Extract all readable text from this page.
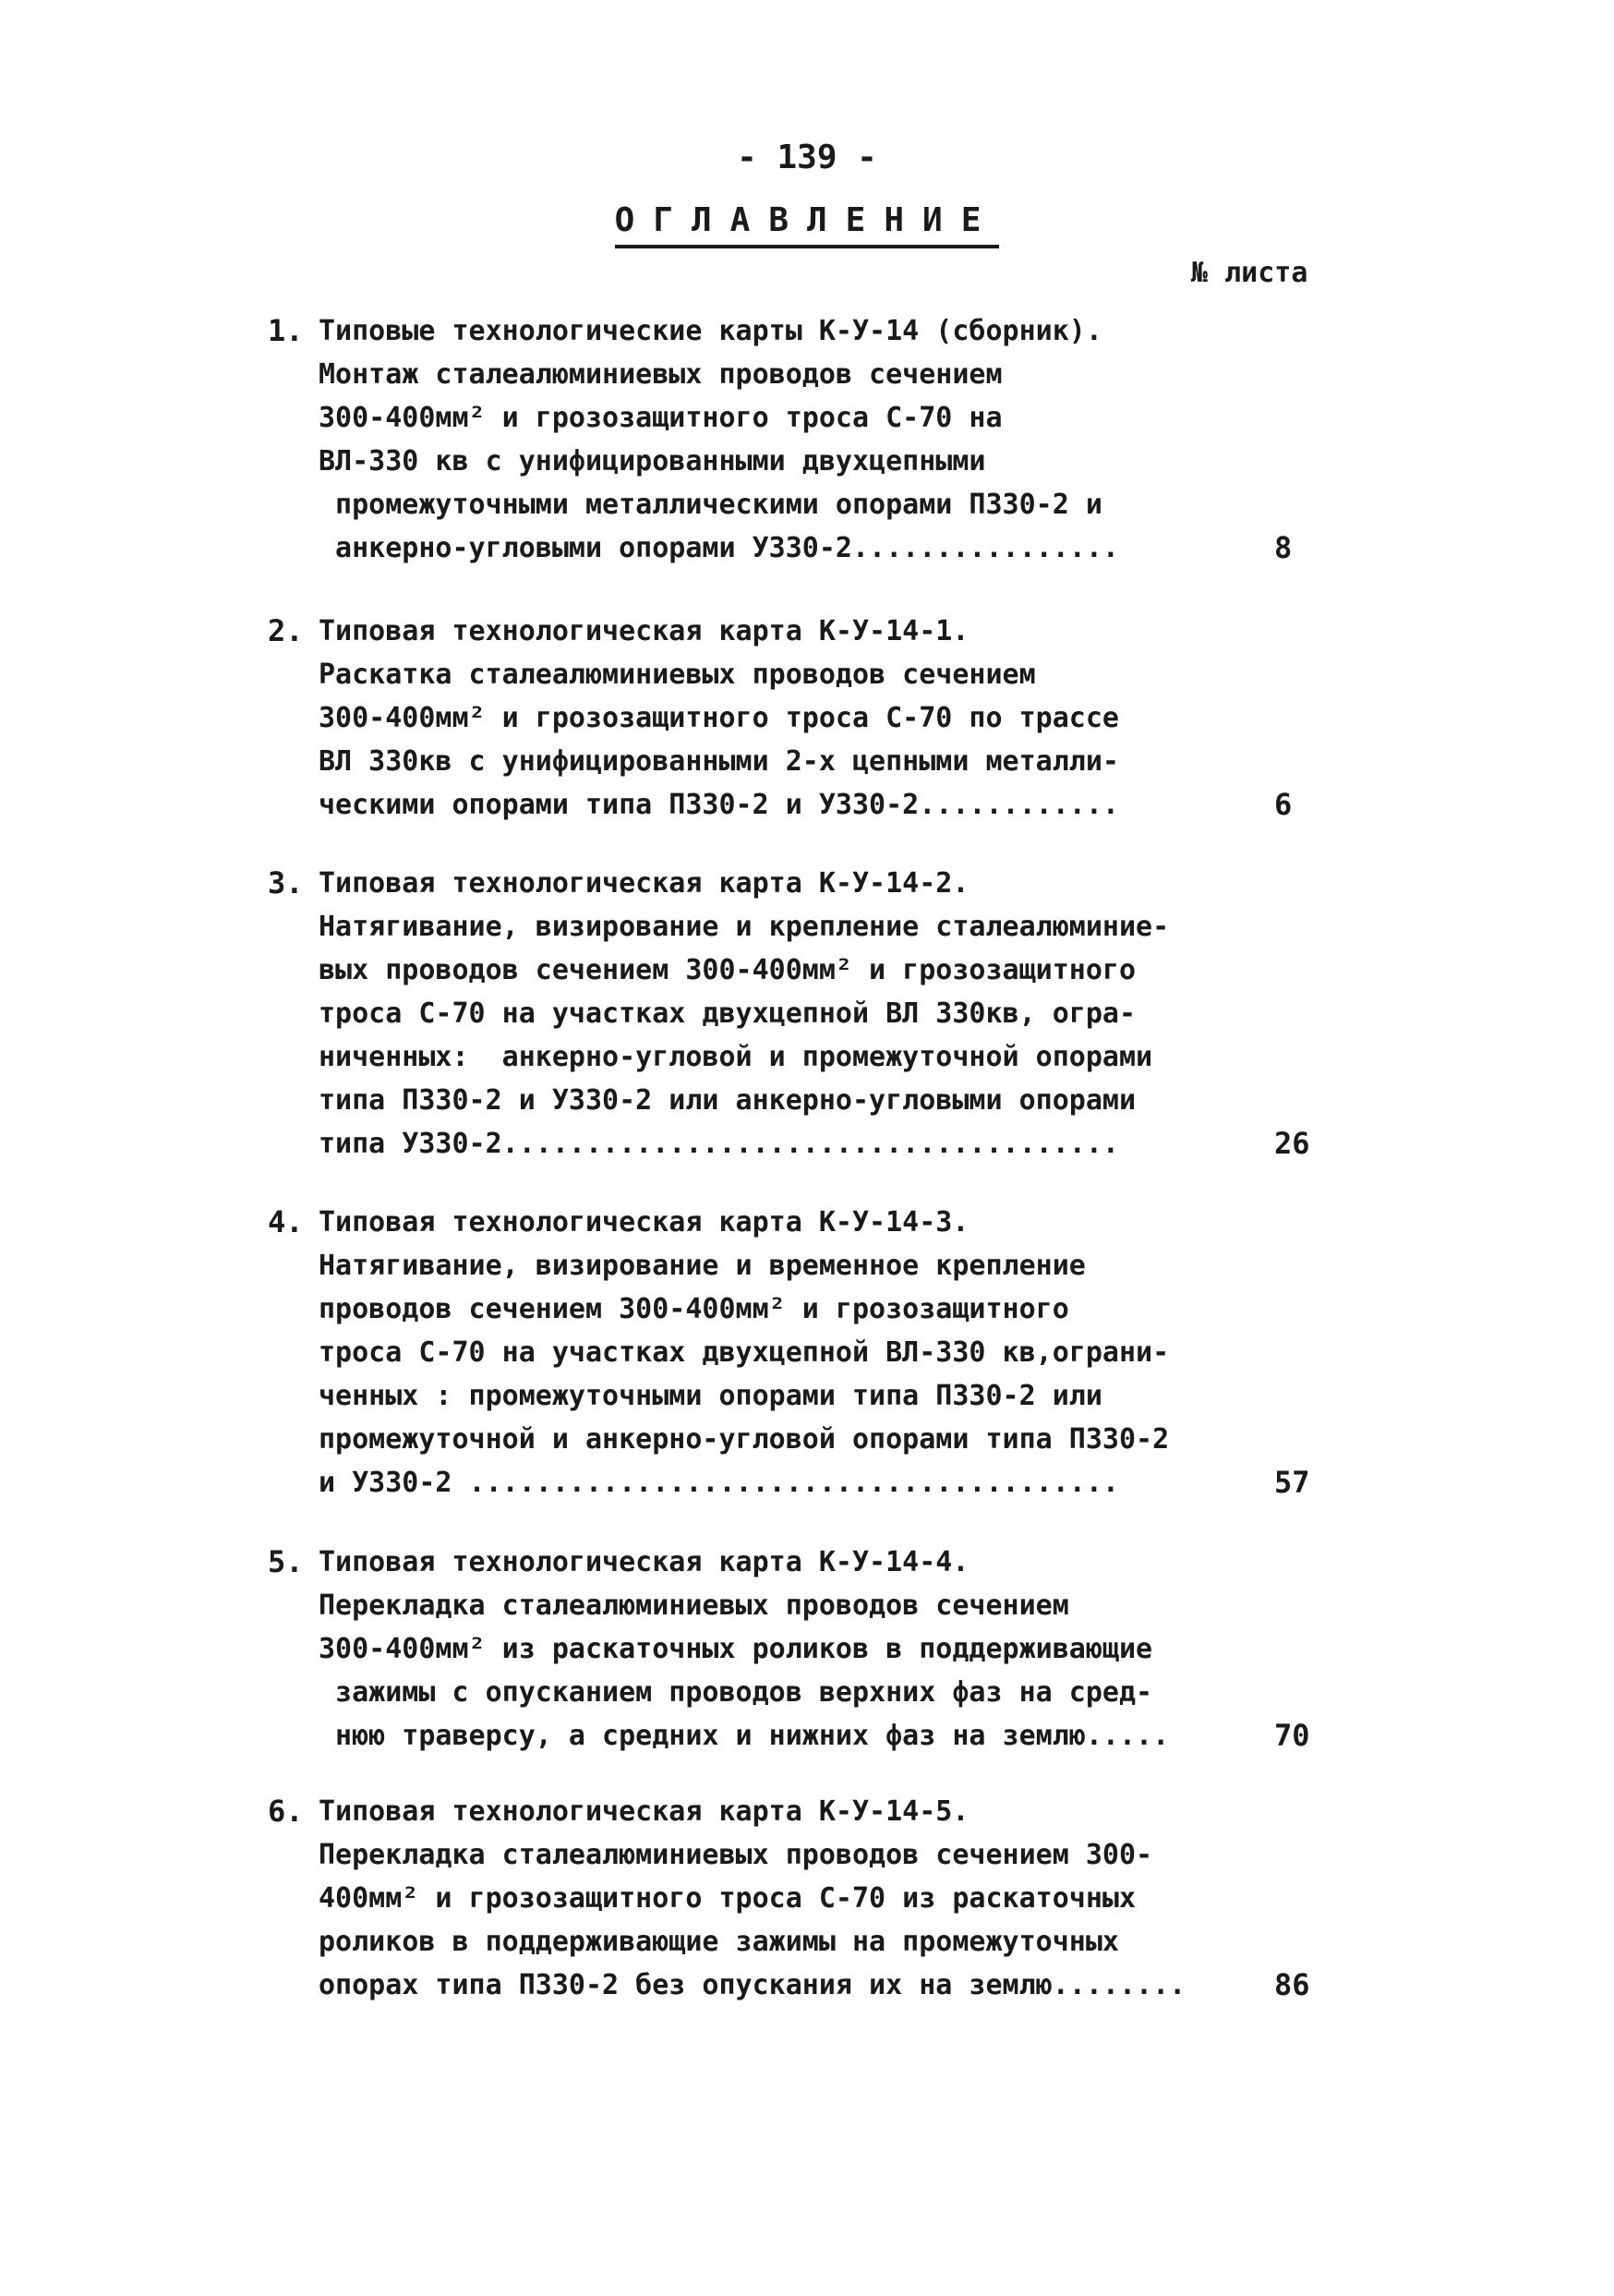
- 139 -
ОГЛАВЛЕНИЕ
№ листа
1. Типовые технологические карты К-У-14 (сборник).
Монтаж сталеалюминиевых проводов сечением
300-400мм² и грозозащитного троса С-70 на
ВЛ-330 кв с унифицированными двухцепными
промежуточными металлическими опорами П330-2 и
анкерно-угловыми опорами У330-2................	8
2. Типовая технологическая карта К-У-14-1.
Раскатка сталеалюминиевых проводов сечением
300-400мм² и грозозащитного троса С-70 по трассе
ВЛ 330кв с унифицированными 2-х цепными металли-
ческими опорами типа П330-2 и У330-2............	6
3. Типовая технологическая карта К-У-14-2.
Натягивание, визирование и крепление сталеалюминие-
вых проводов сечением 300-400мм² и грозозащитного
троса С-70 на участках двухцепной ВЛ 330кв, огра-
ниченных:  анкерно-угловой и промежуточной опорами
типа П330-2 и У330-2 или анкерно-угловыми опорами
типа У330-2.....................................	26
4. Типовая технологическая карта К-У-14-3.
Натягивание, визирование и временное крепление
проводов сечением 300-400мм² и грозозащитного
троса С-70 на участках двухцепной ВЛ-330 кв,ограни-
ченных : промежуточными опорами типа П330-2 или
промежуточной и анкерно-угловой опорами типа П330-2
и У330-2 .......................................	57
5. Типовая технологическая карта К-У-14-4.
Перекладка сталеалюминиевых проводов сечением
300-400мм² из раскаточных роликов в поддерживающие
зажимы с опусканием проводов верхних фаз на сред-
нюю траверсу, а средних и нижних фаз на землю.....	70
6. Типовая технологическая карта К-У-14-5.
Перекладка сталеалюминиевых проводов сечением 300-
400мм² и грозозащитного троса С-70 из раскаточных
роликов в поддерживающие зажимы на промежуточных
опорах типа П330-2 без опускания их на землю........	86
